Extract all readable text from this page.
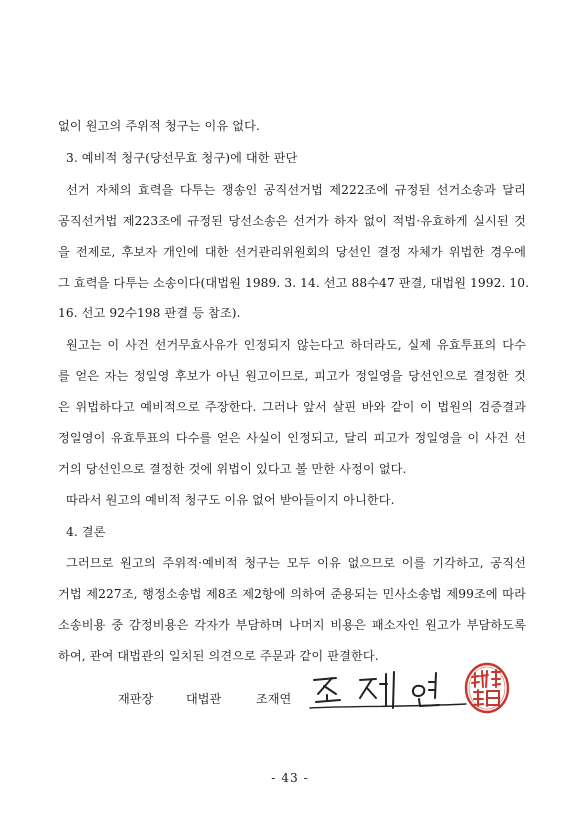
없이 원고의 주위적 청구는 이유 없다.
3. 예비적 청구(당선무효 청구)에 대한 판단
선거 자체의 효력을 다투는 쟁송인 공직선거법 제222조에 규정된 선거소송과 달리
공직선거법 제223조에 규정된 당선소송은 선거가 하자 없이 적법·유효하게 실시된 것
을 전제로, 후보자 개인에 대한 선거관리위원회의 당선인 결정 자체가 위법한 경우에
그 효력을 다투는 소송이다(대법원 1989. 3. 14. 선고 88수47 판결, 대법원 1992. 10.
16. 선고 92수198 판결 등 참조).
원고는 이 사건 선거무효사유가 인정되지 않는다고 하더라도, 실제 유효투표의 다수
를 얻은 자는 정일영 후보가 아닌 원고이므로, 피고가 정일영을 당선인으로 결정한 것
은 위법하다고 예비적으로 주장한다. 그러나 앞서 살핀 바와 같이 이 법원의 검증결과
정일영이 유효투표의 다수를 얻은 사실이 인정되고, 달리 피고가 정일영을 이 사건 선
거의 당선인으로 결정한 것에 위법이 있다고 볼 만한 사정이 없다.
따라서 원고의 예비적 청구도 이유 없어 받아들이지 아니한다.
4. 결론
그러므로 원고의 주위적·예비적 청구는 모두 이유 없으므로 이를 기각하고, 공직선
거법 제227조, 행정소송법 제8조 제2항에 의하여 준용되는 민사소송법 제99조에 따라
소송비용 중 감정비용은 각자가 부담하며 나머지 비용은 패소자인 원고가 부담하도록
하여, 관여 대법관의 일치된 의견으로 주문과 같이 판결한다.
재판장	대법관	조재연
- 43 -
